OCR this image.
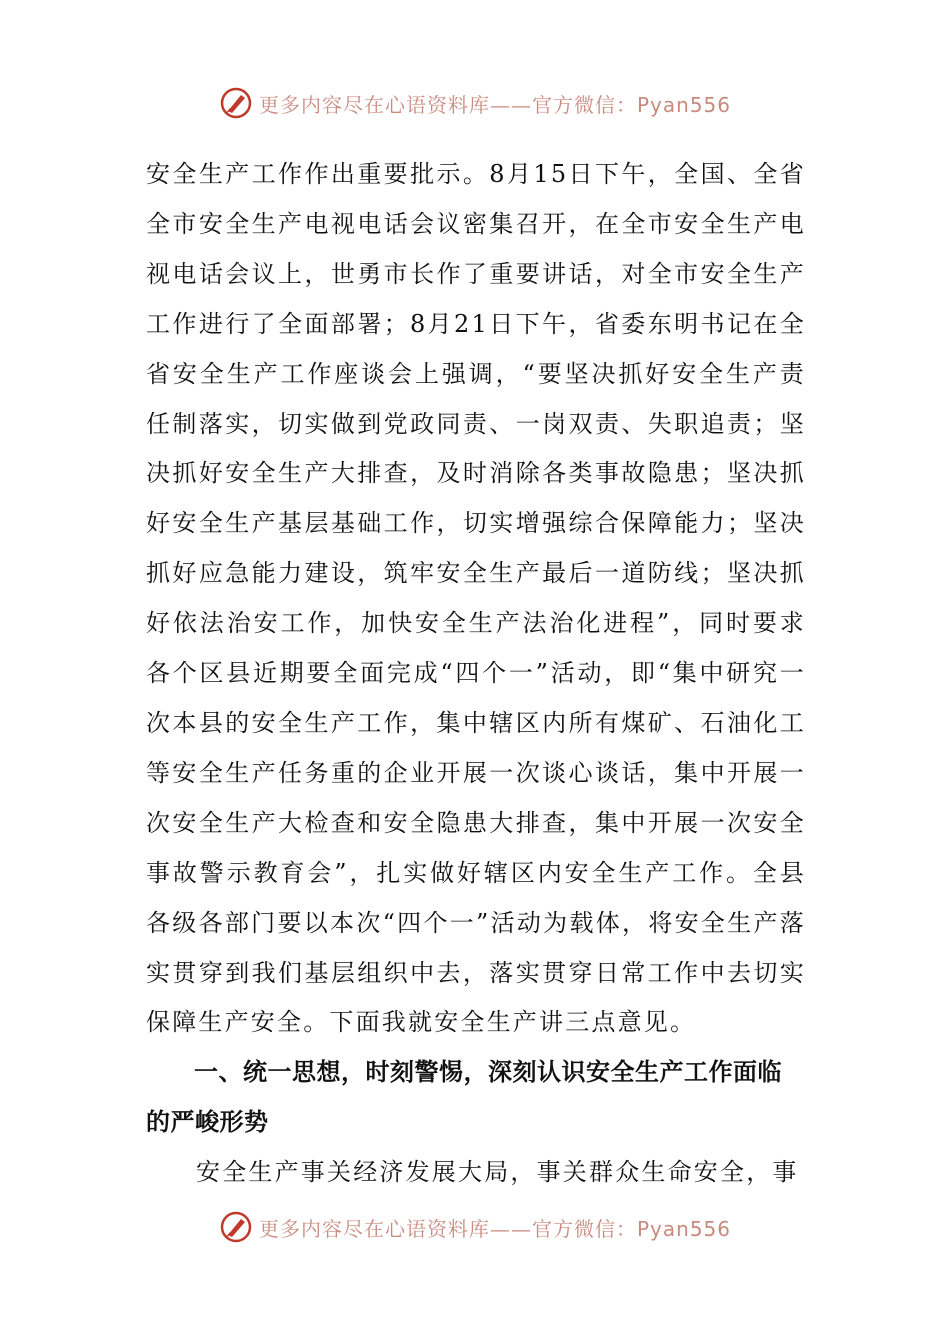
更多内容尽在心语资料库——官方微信：Pyan556

安全生产工作作出重要批示。8月15日下午，全国、全省全市安全生产电视电话会议密集召开，在全市安全生产电视电话会议上，世勇市长作了重要讲话，对全市安全生产工作进行了全面部署；8月21日下午，省委东明书记在全省安全生产工作座谈会上强调，“要坚决抓好安全生产责任制落实，切实做到党政同责、一岗双责、失职追责；坚决抓好安全生产大排查，及时消除各类事故隐患；坚决抓好安全生产基层基础工作，切实增强综合保障能力；坚决抓好应急能力建设，筑牢安全生产最后一道防线；坚决抓好依法治安工作，加快安全生产法治化进程”，同时要求各个区县近期要全面完成“四个一”活动，即“集中研究一次本县的安全生产工作，集中辖区内所有煤矿、石油化工等安全生产任务重的企业开展一次谈心谈话，集中开展一次安全生产大检查和安全隐患大排查，集中开展一次安全事故警示教育会”，扎实做好辖区内安全生产工作。全县各级各部门要以本次“四个一”活动为载体，将安全生产落实贯穿到我们基层组织中去，落实贯穿日常工作中去切实保障生产安全。下面我就安全生产讲三点意见。

一、统一思想，时刻警惕，深刻认识安全生产工作面临的严峻形势

安全生产事关经济发展大局，事关群众生命安全，事

更多内容尽在心语资料库——官方微信：Pyan556
